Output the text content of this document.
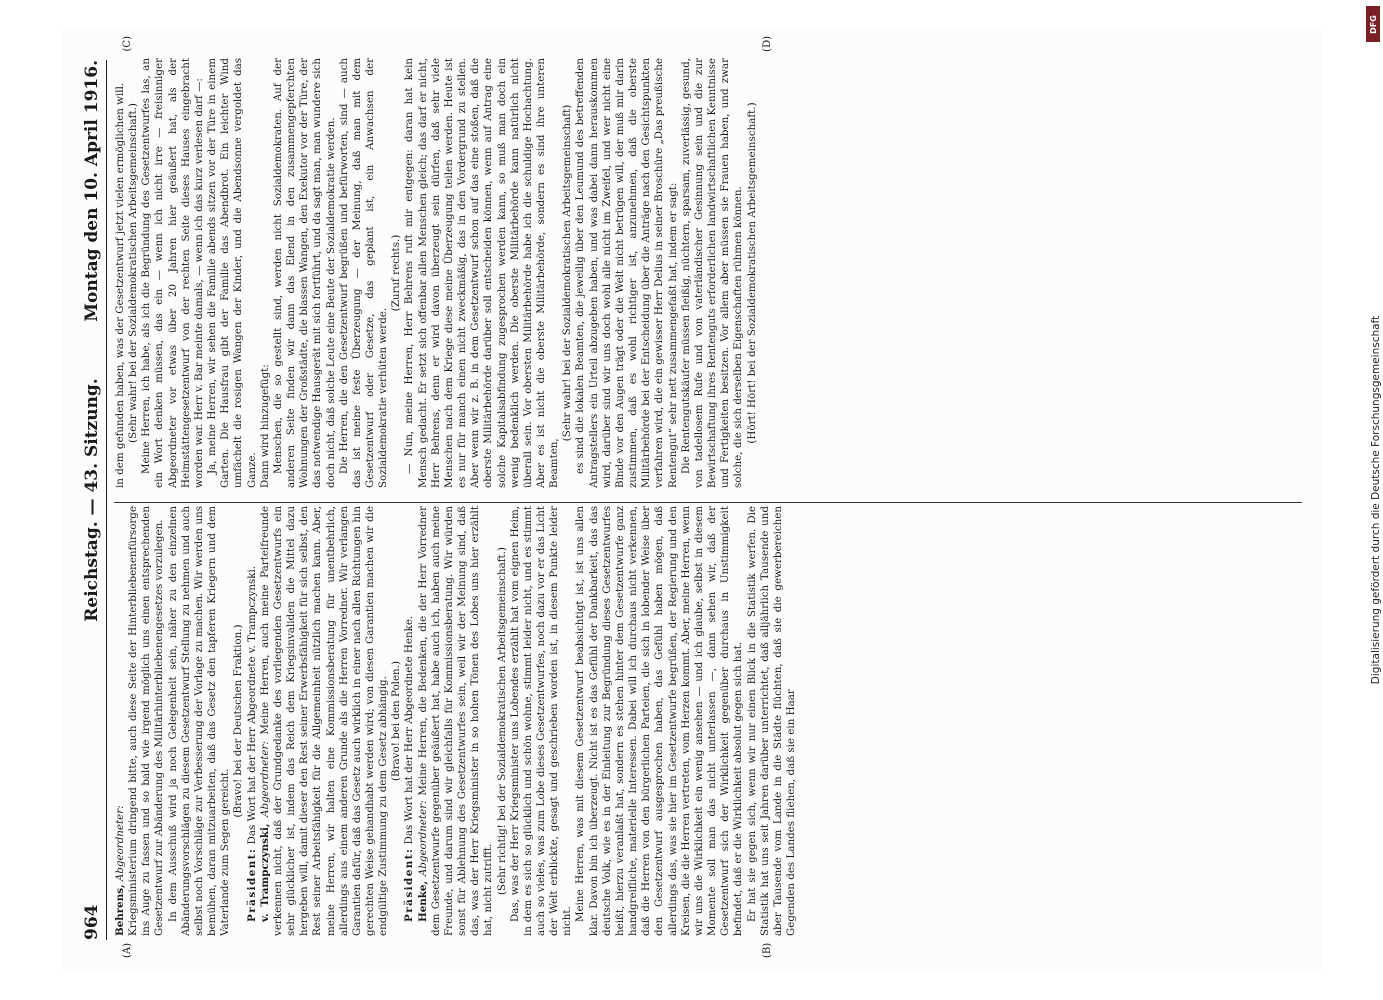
964
Reichstag. — 43. Sitzung.
Montag den 10. April 1916.
(A)	(B)
(C)	(D)

Behrens, Abgeordneter: Kriegsministerium dringend bitte, auch diese Seite der Hinterbliebenenfürsorge ins Auge zu fassen und so bald wie irgend möglich uns einen entsprechenden Gesetzentwurf zur Abänderung des Militärhinterbliebenengesetzes vorzulegen. In dem Ausschuß wird ja noch Gelegenheit sein, näher zu den einzelnen Abänderungsvorschlägen zu diesem Gesetzentwurf Stellung zu nehmen und auch selbst noch Vorschläge zur Verbesserung der Vorlage zu machen. Wir werden uns bemühen, daran mitzuarbeiten, daß das Gesetz den tapferen Kriegern und dem Vaterlande zum Segen gereicht.

(Bravo! bei der Deutschen Fraktion.)

Präsident: Das Wort hat der Herr Abgeordnete v. Trampczynski.

v. Trampczynski, Abgeordneter: Meine Herren, auch meine Parteifreunde verkennen nicht, daß der Grundgedanke des vorliegenden Gesetzentwurfs ein sehr glücklicher ist, indem das Reich dem Kriegsinvaliden die Mittel dazu hergeben will, damit dieser den Rest seiner Erwerbsfähigkeit für sich selbst, den Rest seiner Arbeitsfähigkeit für die Allgemeinheit nützlich machen kann. Aber, meine Herren, wir halten eine Kommissionsberatung für unentbehrlich, allerdings aus einem anderen Grunde als die Herren Vorredner. Wir verlangen Garantien dafür, daß das Gesetz auch wirklich in einer nach allen Richtungen hin gerechten Weise gehandhabt werden wird; von diesen Garantien machen wir die endgültige Zustimmung zu dem Gesetz abhängig. (Bravo! bei den Polen.)

Präsident: Das Wort hat der Herr Abgeordnete Henke.

Henke, Abgeordneter: Meine Herren, die Bedenken, die der Herr Vorredner dem Gesetzentwurfe gegenüber geäußert hat, habe auch ich, haben auch meine Freunde, und darum sind wir gleichfalls für Kommissionsberatung. Wir würden sonst für Ablehnung des Gesetzentwurfes sein, weil wir der Meinung sind, daß das, was der Herr Kriegsminister in so hohen Tönen des Lobes uns hier erzählt hat, nicht zutrifft. (Sehr richtig! bei der Sozialdemokratischen Arbeitsgemeinschaft.) Das, was der Herr Kriegsminister uns Lobendes erzählt hat vom eignen Heim, in dem es sich so glücklich und schön wohne, stimmt leider nicht, und es stimmt auch so vieles, was zum Lobe dieses Gesetzentwurfes, noch dazu vor er das Licht der Welt erblickte, gesagt und geschrieben worden ist, in diesem Punkte leider nicht. Meine Herren, was mit diesem Gesetzentwurf beabsichtigt ist, ist uns allen klar. Davon bin ich überzeugt. Nicht ist es das Gefühl der Dankbarkeit, das das deutsche Volk, wie es in der Einleitung zur Begründung dieses Gesetzentwurfes heißt, hierzu veranlaßt hat, sondern es stehen hinter dem Gesetzentwurfe ganz handgreifliche, materielle Interessen. Dabei will ich durchaus nicht verkennen, daß die Herren von den bürgerlichen Parteien, die sich in lobender Weise über den Gesetzentwurf ausgesprochen haben, das Gefühl haben mögen, daß allerdings das, was sie hier im Gesetzentwurfe begrüßen, der Regierung und den Kreisen, die die Herren vertreten, vom Herzen kommt. Aber, meine Herren, wenn wir uns die Wirklichkeit ein wenig ansehen — und ich glaube, selbst in diesem Momente soll man das nicht unterlassen —, dann sehen wir, daß der Gesetzentwurf sich der Wirklichkeit gegenüber durchaus in Unstimmigkeit befindet, daß er die Wirklichkeit absolut gegen sich hat. Er hat sie gegen sich, wenn wir nur einen Blick in die Statistik werfen. Die Statistik hat uns seit Jahren darüber unterrichtet, daß alljährlich Tausende und aber Tausende vom Lande in die Städte flüchten, daß sie die gewerbereichen Gegenden des Landes fliehen, daß sie ein Haar

in dem gefunden haben, was der Gesetzentwurf jetzt vielen ermöglichen will. (Sehr wahr! bei der Sozialdemokratischen Arbeitsgemeinschaft.) Meine Herren, ich habe, als ich die Begründung des Gesetzentwurfes las, an ein Wort denken müssen, das ein — wenn ich nicht irre — freisinniger Abgeordneter vor etwas über 20 Jahren hier geäußert hat, als der Heimstättengesetzentwurf von der rechten Seite dieses Hauses eingebracht worden war. Herr v. Bar meinte damals, — wenn ich das kurz verlesen darf —: Ja, meine Herren, wir sehen die Familie abends sitzen vor der Türe in einem Garten. Die Hausfrau gibt der Familie das Abendbrot. Ein leichter Wind umfächelt die rosigen Wangen der Kinder, und die Abendsonne vergoldet das Ganze. Dann wird hinzugefügt: Menschen, die so gestellt sind, werden nicht Sozialdemokraten. Auf der anderen Seite finden wir dann das Elend in den zusammengepferchten Wohnungen der Großstädte, die blassen Wangen, den Exekutor vor der Türe, der das notwendige Hausgerät mit sich fortführt, und da sagt man, man wundere sich doch nicht, daß solche Leute eine Beute der Sozialdemokratie werden. Die Herren, die den Gesetzentwurf begrüßen und befürworten, sind — auch das ist meine feste Überzeugung — der Meinung, daß man mit dem Gesetzentwurf oder Gesetze, das geplant ist, ein Anwachsen der Sozialdemokratie verhüten werde.

(Zuruf rechts.) — Nun, meine Herren, Herr Behrens ruft mir entgegen: daran hat kein Mensch gedacht. Er setzt sich offenbar allen Menschen gleich; das darf er nicht, Herr Behrens, denn er wird davon überzeugt sein dürfen, daß sehr viele Menschen nach dem Kriege diese meine Überzeugung teilen werden. Heute ist es nur für manch einen nicht zweckmäßig, das in den Vordergrund zu stellen. Aber wenn wir z. B. in dem Gesetzentwurf schon auf das eine stoßen, daß die oberste Militärbehörde darüber soll entscheiden können, wenn auf Antrag eine solche Kapitalsabfindung zugesprochen werden kann, so muß man doch ein wenig bedenklich werden. Die oberste Militärbehörde kann natürlich nicht überall sein. Vor obersten Militärbehörde habe ich die schuldige Hochachtung. Aber es ist nicht die oberste Militärbehörde, sondern es sind ihre unteren Beamten,

(Sehr wahr! bei der Sozialdemokratischen Arbeitsgemeinschaft) es sind die lokalen Beamten, die jeweilig über den Leumund des betreffenden Antragstellers ein Urteil abzugeben haben, und was dabei dann herauskommen wird, darüber sind wir uns doch wohl alle nicht im Zweifel, und wer nicht eine Binde vor den Augen trägt oder die Welt nicht betrügen will, der muß mir darin zustimmen, daß es wohl richtiger ist, anzunehmen, daß die oberste Militärbehörde bei der Entscheidung über die Anträge nach den Gesichtspunkten verfahren wird, die ein gewisser Herr Delius in seiner Broschüre „Das preußische Rentengut“ sehr nett zusammengefaßt hat, indem er sagt: Die Rentengutskäufer müssen fleißig, nüchtern, sparsam, zuverlässig, gesund, von tadellosem Rufe und von vaterländischer Gesinnung sein und die zur Bewirtschaftung ihres Rentenguts erforderlichen landwirtschaftlichen Kenntnisse und Fertigkeiten besitzen. Vor allem aber müssen sie Frauen haben, und zwar solche, die sich derselben Eigenschaften rühmen können. (Hört! Hört! bei der Sozialdemokratischen Arbeitsgemeinschaft.)

Digitalisierung gefördert durch die Deutsche Forschungsgemeinschaft
DFG
